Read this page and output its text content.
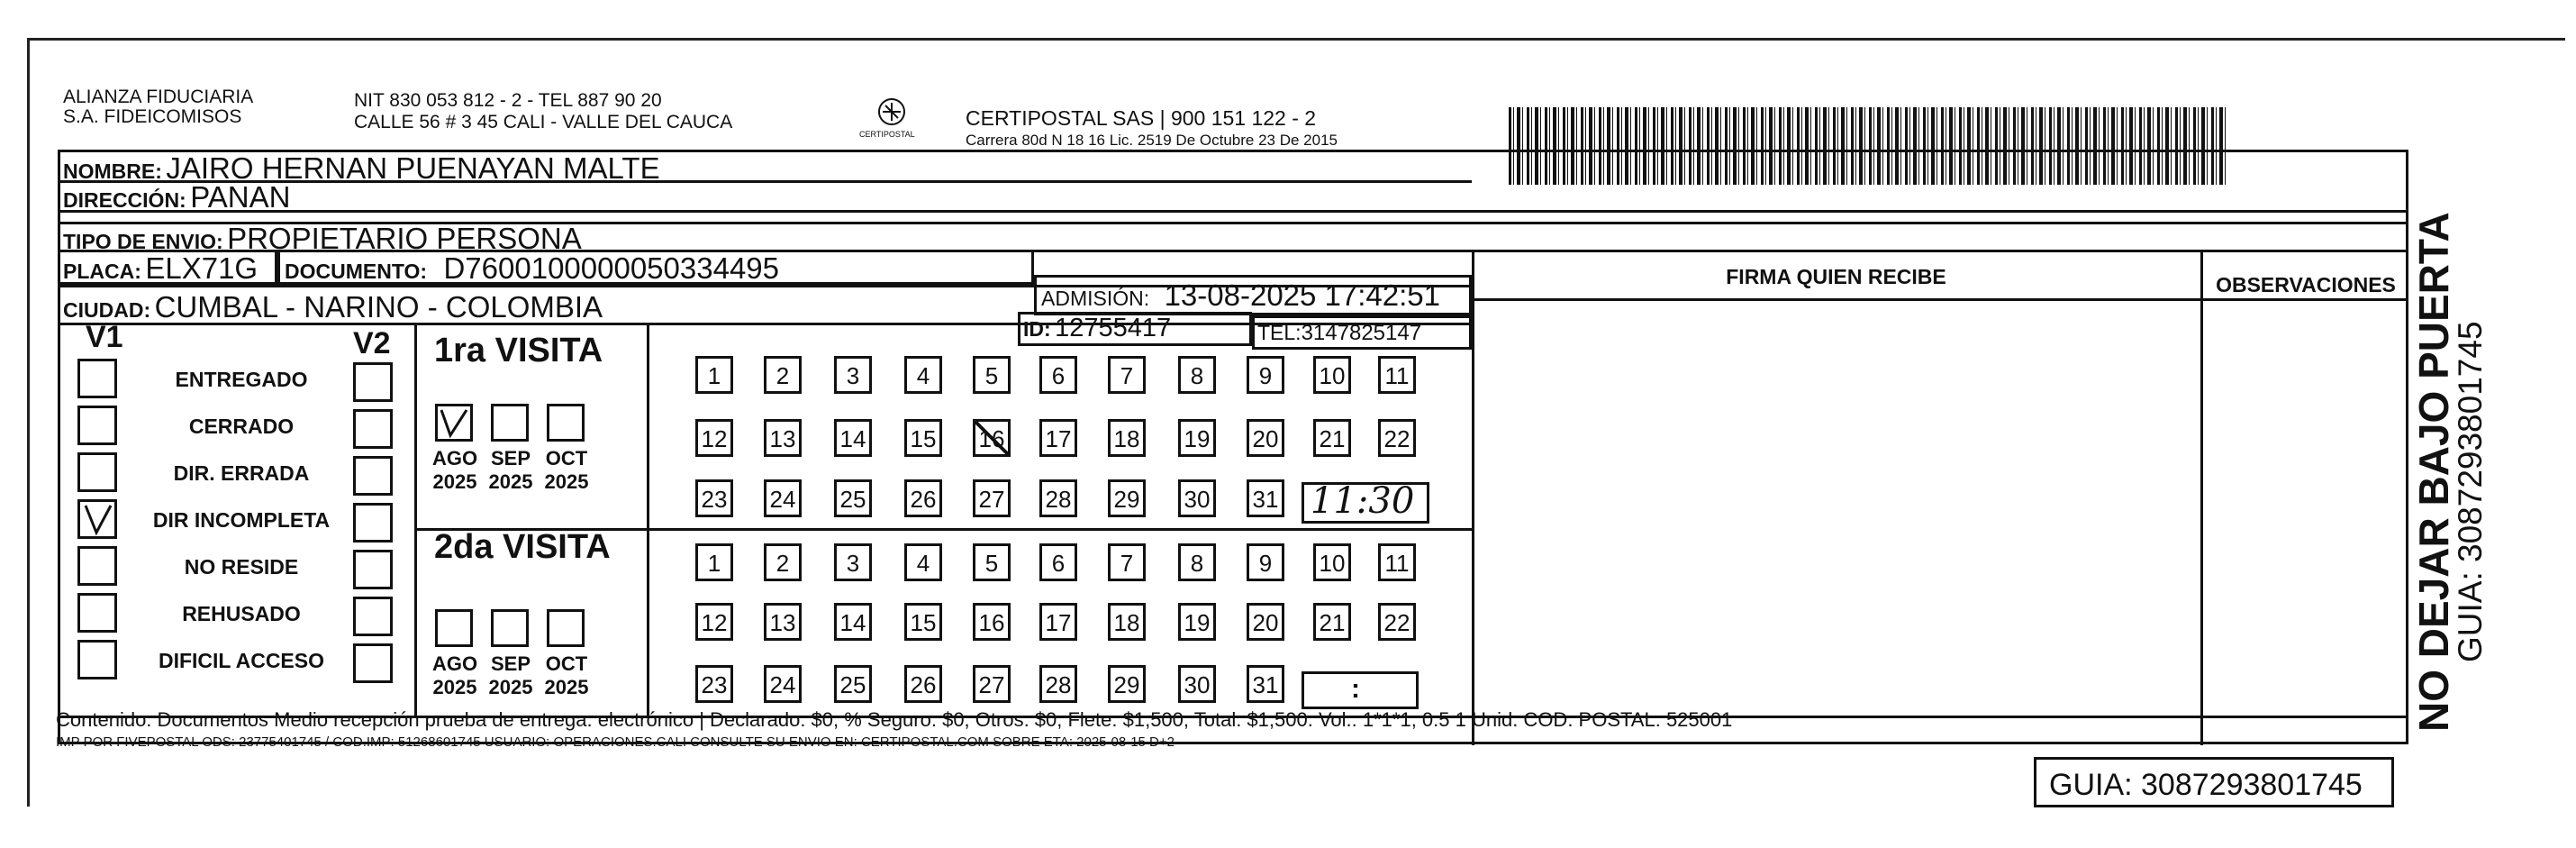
ALIANZA FIDUCIARIA
S.A. FIDEICOMISOS
NIT 830 053 812 - 2 - TEL 887 90 20
CALLE 56 # 3 45 CALI - VALLE DEL CAUCA
CERTIPOSTAL
CERTIPOSTAL SAS | 900 151 122 - 2
Carrera 80d N 18 16 Lic. 2519 De Octubre 23 De 2015
NOMBRE: JAIRO HERNAN PUENAYAN MALTE
DIRECCIÓN: PANAN
TIPO DE ENVIO: PROPIETARIO PERSONA
PLACA: ELX71G DOCUMENTO: D7600100000050334495
ADMISIÓN: 13-08-2025 17:42:51
CIUDAD: CUMBAL - NARINO - COLOMBIA
ID: 12755417	TEL:3147825147
V1	V2
ENTREGADO
CERRADO
DIR. ERRADA
DIR INCOMPLETA
NO RESIDE
REHUSADO
DIFICIL ACCESO
1ra VISITA
2da VISITA
AGO
2025
SEP
2025
OCT
2025
AGO
2025
SEP
2025
OCT
2025
1	2	3	4	5	6	7	8	9	10 11
12 13 14 15 16 17 18 19 20 21 22
23 24 25 26 27 28 29 30 31
1	2	3	4	5	6	7	8	9	10 11
12 13 14 15 16 17 18 19 20 21 22
23 24 25 26 27 28 29 30 31
11:30
:
FIRMA QUIEN RECIBE	OBSERVACIONES
Contenido: Documentos Medio recepción prueba de entrega: electrónico | Declarado: $0, % Seguro: $0, Otros: $0, Flete: $1,500, Total: $1,500. Vol.: 1*1*1, 0.5 1 Unid. COD. POSTAL: 525001
IMP POR FIVEPOSTAL ODS: 23775401745 / COD.IMP: 51268601745 USUARIO: OPERACIONES.CALI CONSULTE SU ENVIO EN: CERTIPOSTAL.COM SOBRE ETA: 2025-08-15 D+2
GUIA: 3087293801745
NO DEJAR BAJO PUERTA
GUIA: 3087293801745
